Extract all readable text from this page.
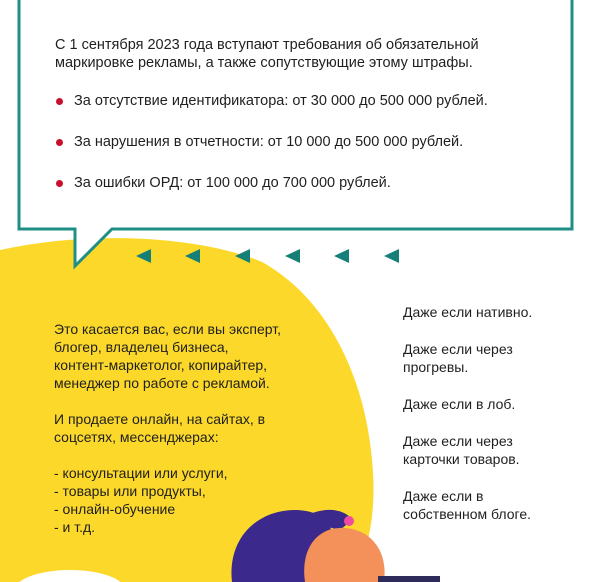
С 1 сентября 2023 года вступают требования об обязательной маркировке рекламы, а также сопутствующие этому штрафы.
За отсутствие идентификатора: от 30 000 до 500 000 рублей.
За нарушения в отчетности: от 10 000 до 500 000 рублей.
За ошибки ОРД: от 100 000 до 700 000 рублей.

Это касается вас, если вы эксперт,

блогер, владелец бизнеса,

контент-маркетолог, копирайтер,

менеджер по работе с рекламой.

И продаете онлайн, на сайтах, в

соцсетях, мессенджерах:

- консультации или услуги,

- товары или продукты,

- онлайн-обучение

- и т.д.

Даже если нативно.
Даже если через
прогревы.
Даже если в лоб.
Даже если через
карточки товаров.
Даже если в
собственном блоге.
